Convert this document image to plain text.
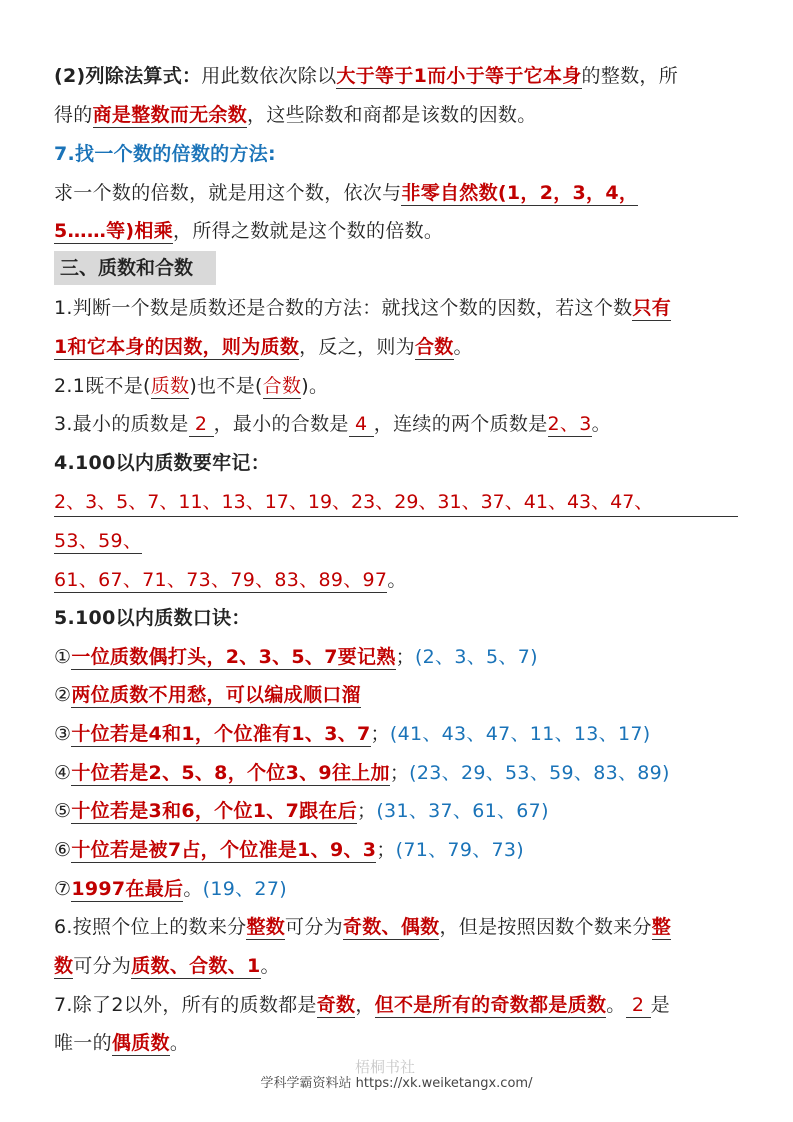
(2)列除法算式：用此数依次除以大于等于1而小于等于它本身的整数，所
得的商是整数而无余数，这些除数和商都是该数的因数。
7.找一个数的倍数的方法:
求一个数的倍数，就是用这个数，依次与非零自然数(1，2，3，4，
5……等)相乘，所得之数就是这个数的倍数。
三、质数和合数
1.判断一个数是质数还是合数的方法：就找这个数的因数，若这个数只有
1和它本身的因数，则为质数，反之，则为合数。
2.1既不是(质数)也不是(合数)。
3.最小的质数是 2 ，最小的合数是 4 ，连续的两个质数是2、3。
4.100以内质数要牢记：
2、3、5、7、11、13、17、19、23、29、31、37、41、43、47、
53、59、
61、67、71、73、79、83、89、97。
5.100以内质数口诀：
①一位质数偶打头，2、3、5、7要记熟；(2、3、5、7)
②两位质数不用愁，可以编成顺口溜
③十位若是4和1，个位准有1、3、7；(41、43、47、11、13、17)
④十位若是2、5、8，个位3、9往上加；(23、29、53、59、83、89)
⑤十位若是3和6，个位1、7跟在后；(31、37、61、67)
⑥十位若是被7占，个位准是1、9、3；(71、79、73)
⑦1997在最后。(19、27)
6.按照个位上的数来分整数可分为奇数、偶数，但是按照因数个数来分整
数可分为质数、合数、1。
7.除了2以外，所有的质数都是奇数，但不是所有的奇数都是质数。 2 是
唯一的偶质数。
梧桐书社
学科学霸资料站 https://xk.weiketangx.com/
